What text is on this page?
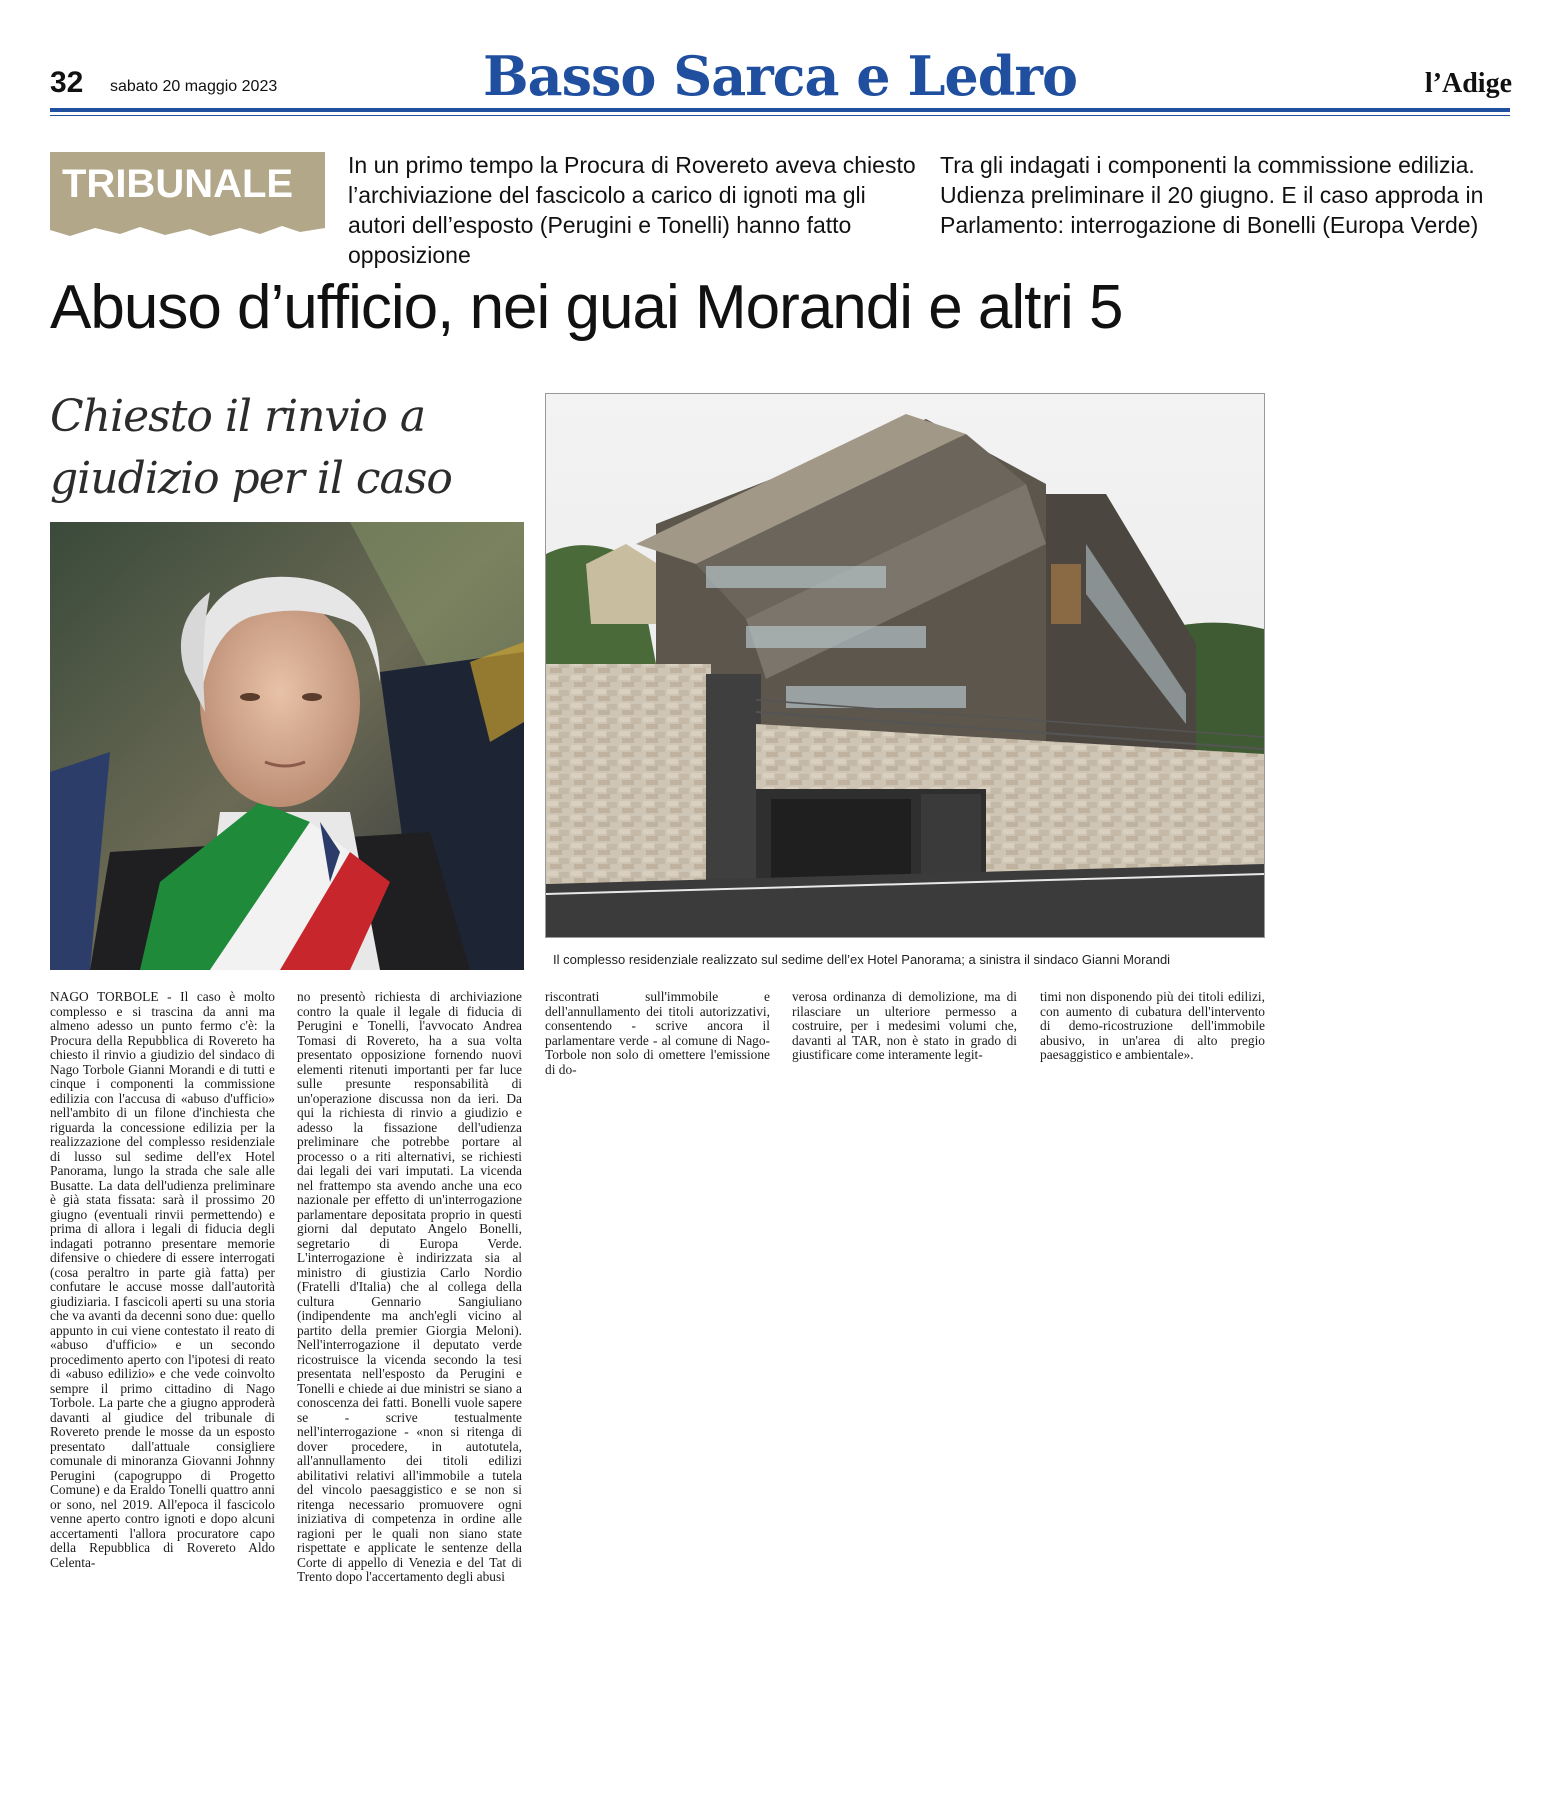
32 sabato 20 maggio 2023	Basso Sarca e Ledro	l’Adige
TRIBUNALE In un primo tempo la Procura di Rovereto aveva chiesto l’archiviazione del fascicolo a carico di ignoti ma gli autori dell’esposto (Perugini e Tonelli) hanno fatto opposizione
Tra gli indagati i componenti la commissione edilizia. Udienza preliminare il 20 giugno. E il caso approda in Parlamento: interrogazione di Bonelli (Europa Verde)
Abuso d’ufficio, nei guai Morandi e altri 5
Chiesto il rinvio a giudizio per il caso
Il complesso residenziale realizzato sul sedime dell’ex Hotel Panorama; a sinistra il sindaco Gianni Morandi

NAGO TORBOLE - Il caso è molto complesso e si trascina da anni ma almeno adesso un punto fermo c'è: la Procura della Repubblica di Rovereto ha chiesto il rinvio a giudizio del sindaco di Nago Torbole Gianni Morandi e di tutti e cinque i componenti la commissione edilizia con l'accusa di «abuso d'ufficio» nell'ambito di un filone d'inchiesta che riguarda la concessione edilizia per la realizzazione del complesso residenziale di lusso sul sedime dell'ex Hotel Panorama, lungo la strada che sale alle Busatte. La data dell'udienza preliminare è già stata fissata: sarà il prossimo 20 giugno (eventuali rinvii permettendo) e prima di allora i legali di fiducia degli indagati potranno presentare memorie difensive o chiedere di essere interrogati (cosa peraltro in parte già fatta) per confutare le accuse mosse dall'autorità giudiziaria. I fascicoli aperti su una storia che va avanti da decenni sono due: quello appunto in cui viene contestato il reato di «abuso d'ufficio» e un secondo procedimento aperto con l'ipotesi di reato di «abuso edilizio» e che vede coinvolto sempre il primo cittadino di Nago Torbole. La parte che a giugno approderà davanti al giudice del tribunale di Rovereto prende le mosse da un esposto presentato dall'attuale consigliere comunale di minoranza Giovanni Johnny Perugini (capogruppo di Progetto Comune) e da Eraldo Tonelli quattro anni or sono, nel 2019. All'epoca il fascicolo venne aperto contro ignoti e dopo alcuni accertamenti l'allora procuratore capo della Repubblica di Rovereto Aldo Celenta-

no presentò richiesta di archiviazione contro la quale il legale di fiducia di Perugini e Tonelli, l'avvocato Andrea Tomasi di Rovereto, ha a sua volta presentato opposizione fornendo nuovi elementi ritenuti importanti per far luce sulle presunte responsabilità di un'operazione discussa non da ieri. Da qui la richiesta di rinvio a giudizio e adesso la fissazione dell'udienza preliminare che potrebbe portare al processo o a riti alternativi, se richiesti dai legali dei vari imputati. La vicenda nel frattempo sta avendo anche una eco nazionale per effetto di un'interrogazione parlamentare depositata proprio in questi giorni dal deputato Angelo Bonelli, segretario di Europa Verde. L'interrogazione è indirizzata sia al ministro di giustizia Carlo Nordio (Fratelli d'Italia) che al collega della cultura Gennario Sangiuliano (indipendente ma anch'egli vicino al partito della premier Giorgia Meloni). Nell'interrogazione il deputato verde ricostruisce la vicenda secondo la tesi presentata nell'esposto da Perugini e Tonelli e chiede ai due ministri se siano a conoscenza dei fatti. Bonelli vuole sapere se - scrive testualmente nell'interrogazione - «non si ritenga di dover procedere, in autotutela, all'annullamento dei titoli edilizi abilitativi relativi all'immobile a tutela del vincolo paesaggistico e se non si ritenga necessario promuovere ogni iniziativa di competenza in ordine alle ragioni per le quali non siano state rispettate e applicate le sentenze della Corte di appello di Venezia e del Tat di Trento dopo l'accertamento degli abusi

riscontrati sull'immobile e dell'annullamento dei titoli autorizzativi, consentendo - scrive ancora il parlamentare verde - al comune di Nago-Torbole non solo di omettere l'emissione di do-

verosa ordinanza di demolizione, ma di rilasciare un ulteriore permesso a costruire, per i medesimi volumi che, davanti al TAR, non è stato in grado di giustificare come interamente legit-

timi non disponendo più dei titoli edilizi, con aumento di cubatura dell'intervento di demo-ricostruzione dell'immobile abusivo, in un'area di alto pregio paesaggistico e ambientale».
